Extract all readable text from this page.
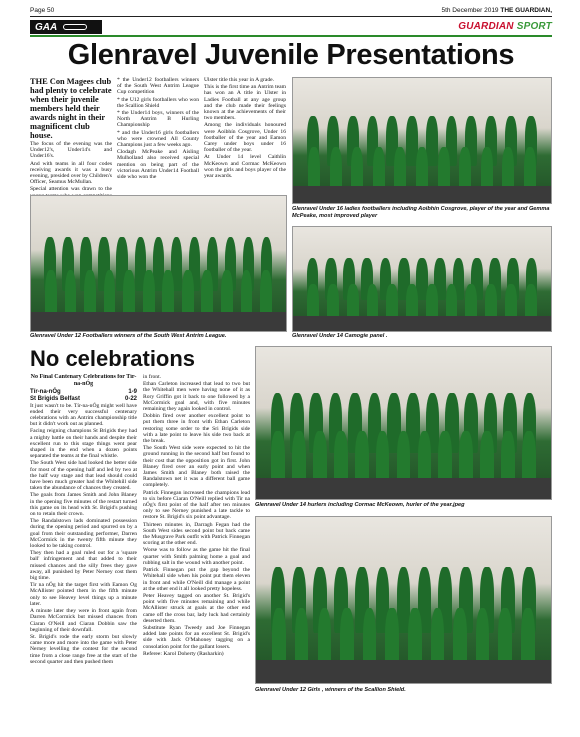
Page 50	5th December 2019 THE GUARDIAN,
GAA	GUARDIAN SPORT
Glenravel Juvenile Presentations

THE Con Magees club had plenty to celebrate when their juvenile members held their awards night in their magnificent club house.

The focus of the evening was the Under12's, Under14's and Under16's.

And with teams in all four codes receiving awards it was a busy evening, presided over by Children's Officer, Seamus McMullan.

Special attention was drawn to the

* the Under12 footballers winners of the South West Antrim League Cup competition

* the U12 girls footballers who won the Scallion Shield

* the Under14 boys, winners of the North Antrim B Hurling Championship

* and the Under16 girls footballers who were crowned All County Champions just a few weeks ago.

Clodagh McPeake and Aisling Mulholland also received special mention on being part of the victorious Antrim Under14 Football side who won the

Ulster title this year in A grade.

This is the first time an Antrim team has won an A title in Ulster in Ladies Football at any age group and the club made their feelings known at the achievements of their two members.

Among the individuals honoured were Aoibhín Cosgrove, Under 16 footballer of the year and Eamon Carey under boys under 16 footballer of the year.

At Under 14 level Caithlín McKeown and Cormac McKeown won the girls and boys player of the year awards.

Glenravel Under 16 ladies footballers including Aoibhín Cosgrove, player of the year and Gemma McPeake, most improved player
Glenravel Under 12 Footballers winners of the South West Antrim League.	Glenravel Under 14 Camogie panel .
No celebrations

No Final Cantenary Celebrations for Tír-na-nÓg

Tír-na-nÓg	1-9
St Brigids Belfast	0-22

It just wasn't to be. Tír-na-nÓg might well have ended their very successful centenary celebrations with an Antrim championship title but it didn't work out as planned.

Facing reigning champions St Brigids they had a mighty battle on their hands and despite their excellent run to this stage things went pear shaped in the end when a dozen points separated the teams at the final whistle.

The South West side had looked the better side for most of the opening half and led by two at the half way stage and that lead should could have been much greater had the Whitehill side taken the abundance of chances they created.

The goals from James Smith and John Blaney in the opening five minutes of the restart turned this game on its head with St. Brigid's pushing on to retain their crown.

The Randalstown lads dominated possession during the opening period and spurred on by a goal from their outstanding performer, Darren McCormick in the twenty fifth minute they looked to be taking control.

They then had a goal ruled out for a 'square ball' infringement and that added to their missed chances and the silly frees they gave away, all punished by Peter Nerney cost them big time.

Tir na nÓg hit the target first with Eamon Og McAllister pointed them in the fifth minute only to see Heavey level things up a minute later.

A minute later they were in front again from Darren McCormick but missed chances from Ciaran O'Neill and Ciaran Dobbin saw the beginning of their downfall.

St. Brigid's rode the early storm but slowly came more and more into the game with Peter Nerney levelling the contest for the second time from a close range free at the start of the second quarter and then pushed them

in front.

Ethan Carleton increased that lead to two but the Whitehall men were having none of it as Rory Griffin got it back to one followed by a McCormick goal and, with five minutes remaining they again looked in control.

Dobbin fired over another excellent point to put them three in front with Ethan Carleton restoring some order to the Sri Brigids side with a late point to leave his side two back at the break.

The South West side were expected to hit the ground running in the second half but found to their cost that the opposition got in first. John Blaney fired over an early point and when James Smith and Blaney both raised the Randalstown net it was a different ball game completely.

Patrick Finnegan increased the champions lead to six before Ciaran O'Neill replied with Tir na nÓg's first point of the half after ten minutes only to see Nerney punished a late tackle to restore St. Brigid's six point advantage.

Thirteen minutes in, Darragh Fegan had the South West sides second point but back came the Musgrave Park outfit with Patrick Finnegan scoring at the other end.

Worse was to follow as the game hit the final quarter with Smith palming home a goal and rubbing salt in the wound with another point.

Patrick Finnegan put the gap beyond the Whitehall side when his point put them eleven in front and while O'Neill did manage a point at the other end it all looked pretty hopeless.

Peter Heavey tagged on another St. Brigid's point with five minutes remaining and while McAllister struck at goals at the other end came off the cross bar, lady luck had certainly deserted them.

Substitute Ryan Tweedy and Joe Finnegan added late points for an excellent St. Brigid's side with Jack O'Mahoney tagging on a consolation point for the gallant losers.

Referee: Karol Doherty (Rasharkin)

Glenravel Under 14 hurlers including Cormac McKeown, hurler of the year.jpeg
Glenravel Under 12 Girls , winners of the Scallion Shield.
